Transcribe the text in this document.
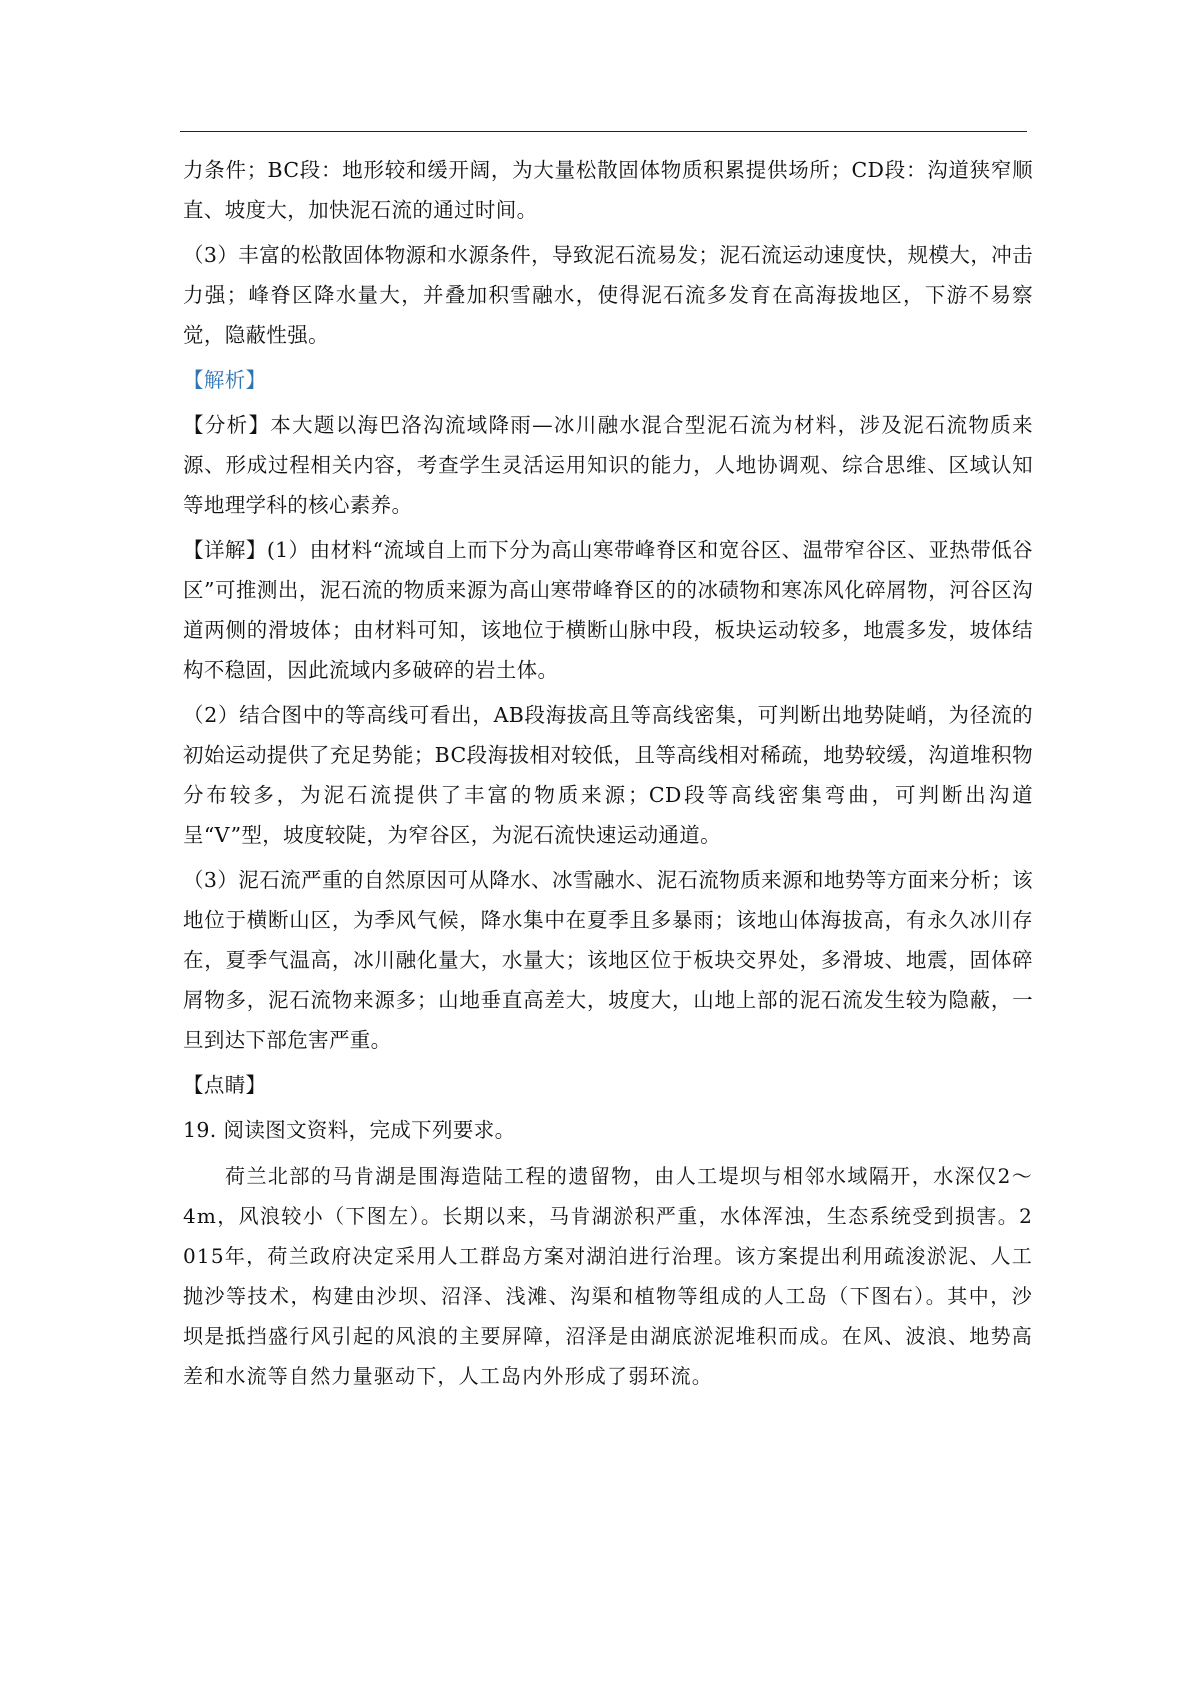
力条件；BC段：地形较和缓开阔，为大量松散固体物质积累提供场所；CD段：沟道狭窄顺直、坡度大，加快泥石流的通过时间。

（3）丰富的松散固体物源和水源条件，导致泥石流易发；泥石流运动速度快，规模大，冲击力强；峰脊区降水量大，并叠加积雪融水，使得泥石流多发育在高海拔地区，下游不易察觉，隐蔽性强。

【解析】

【分析】本大题以海巴洛沟流域降雨—冰川融水混合型泥石流为材料，涉及泥石流物质来源、形成过程相关内容，考查学生灵活运用知识的能力，人地协调观、综合思维、区域认知等地理学科的核心素养。

【详解】(1）由材料“流域自上而下分为高山寒带峰脊区和宽谷区、温带窄谷区、亚热带低谷区”可推测出，泥石流的物质来源为高山寒带峰脊区的的冰碛物和寒冻风化碎屑物，河谷区沟道两侧的滑坡体；由材料可知，该地位于横断山脉中段，板块运动较多，地震多发，坡体结构不稳固，因此流域内多破碎的岩土体。

（2）结合图中的等高线可看出，AB段海拔高且等高线密集，可判断出地势陡峭，为径流的初始运动提供了充足势能；BC段海拔相对较低，且等高线相对稀疏，地势较缓，沟道堆积物分布较多，为泥石流提供了丰富的物质来源；CD段等高线密集弯曲，可判断出沟道呈“V”型，坡度较陡，为窄谷区，为泥石流快速运动通道。

（3）泥石流严重的自然原因可从降水、冰雪融水、泥石流物质来源和地势等方面来分析；该地位于横断山区，为季风气候，降水集中在夏季且多暴雨；该地山体海拔高，有永久冰川存在，夏季气温高，冰川融化量大，水量大；该地区位于板块交界处，多滑坡、地震，固体碎屑物多，泥石流物来源多；山地垂直高差大，坡度大，山地上部的泥石流发生较为隐蔽，一旦到达下部危害严重。

【点睛】

19. 阅读图文资料，完成下列要求。

荷兰北部的马肯湖是围海造陆工程的遗留物，由人工堤坝与相邻水域隔开，水深仅2～4m，风浪较小（下图左）。长期以来，马肯湖淤积严重，水体浑浊，生态系统受到损害。2015年，荷兰政府决定采用人工群岛方案对湖泊进行治理。该方案提出利用疏浚淤泥、人工抛沙等技术，构建由沙坝、沼泽、浅滩、沟渠和植物等组成的人工岛（下图右）。其中，沙坝是抵挡盛行风引起的风浪的主要屏障，沼泽是由湖底淤泥堆积而成。在风、波浪、地势高差和水流等自然力量驱动下，人工岛内外形成了弱环流。
